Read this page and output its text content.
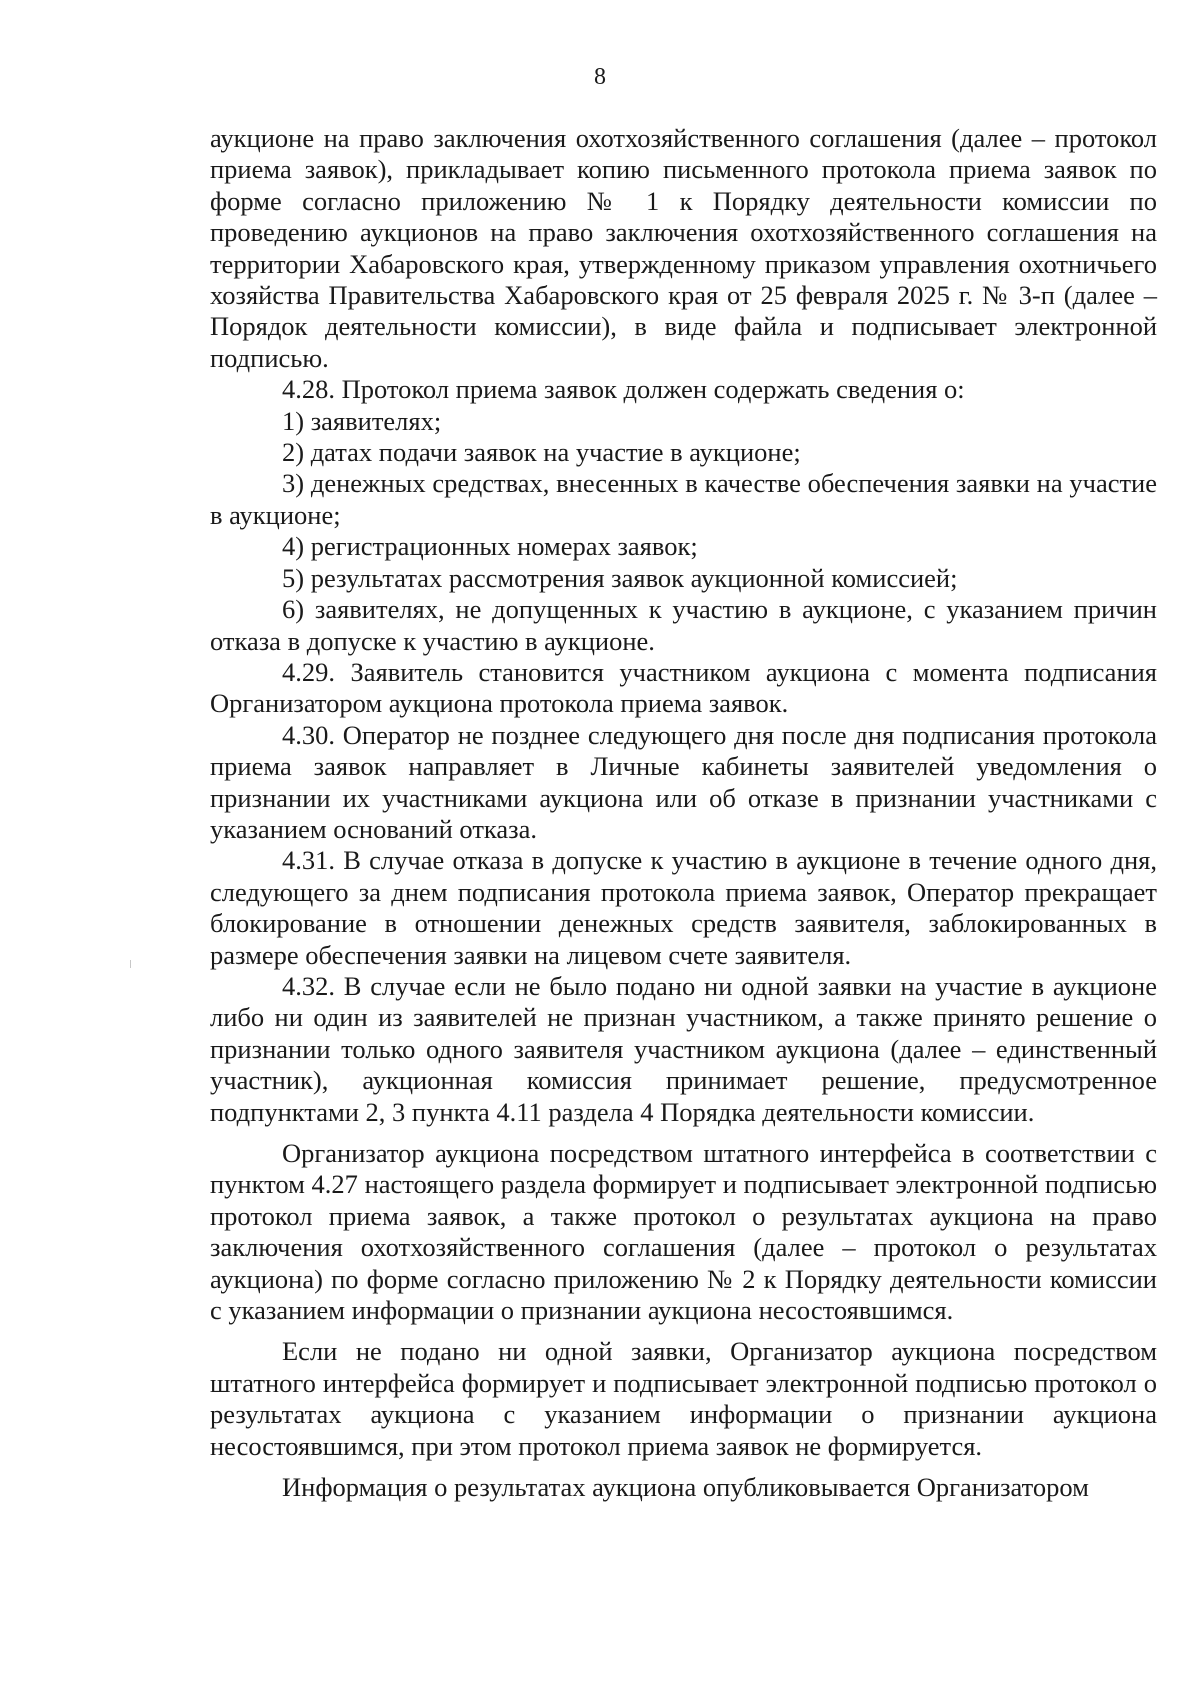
8

аукционе на право заключения охотхозяйственного соглашения (далее – протокол приема заявок), прикладывает копию письменного протокола приема заявок по форме согласно приложению № 1 к Порядку деятельности комиссии по проведению аукционов на право заключения охотхозяйственного соглашения на территории Хабаровского края, утвержденному приказом управления охотничьего хозяйства Правительства Хабаровского края от 25 февраля 2025 г. № 3-п (далее – Порядок деятельности комиссии), в виде файла и подписывает электронной подписью.

4.28. Протокол приема заявок должен содержать сведения о:

1) заявителях;

2) датах подачи заявок на участие в аукционе;

3) денежных средствах, внесенных в качестве обеспечения заявки на участие в аукционе;

4) регистрационных номерах заявок;

5) результатах рассмотрения заявок аукционной комиссией;

6) заявителях, не допущенных к участию в аукционе, с указанием причин отказа в допуске к участию в аукционе.

4.29. Заявитель становится участником аукциона с момента подписания Организатором аукциона протокола приема заявок.

4.30. Оператор не позднее следующего дня после дня подписания протокола приема заявок направляет в Личные кабинеты заявителей уведомления о признании их участниками аукциона или об отказе в признании участниками с указанием оснований отказа.

4.31. В случае отказа в допуске к участию в аукционе в течение одного дня, следующего за днем подписания протокола приема заявок, Оператор прекращает блокирование в отношении денежных средств заявителя, заблокированных в размере обеспечения заявки на лицевом счете заявителя.

4.32. В случае если не было подано ни одной заявки на участие в аукционе либо ни один из заявителей не признан участником, а также принято решение о признании только одного заявителя участником аукциона (далее – единственный участник), аукционная комиссия принимает решение, предусмотренное подпунктами 2, 3 пункта 4.11 раздела 4 Порядка деятельности комиссии.

Организатор аукциона посредством штатного интерфейса в соответствии с пунктом 4.27 настоящего раздела формирует и подписывает электронной подписью протокол приема заявок, а также протокол о результатах аукциона на право заключения охотхозяйственного соглашения (далее – протокол о результатах аукциона) по форме согласно приложению № 2 к Порядку деятельности комиссии с указанием информации о признании аукциона несостоявшимся.

Если не подано ни одной заявки, Организатор аукциона посредством штатного интерфейса формирует и подписывает электронной подписью протокол о результатах аукциона с указанием информации о признании аукциона несостоявшимся, при этом протокол приема заявок не формируется.

Информация о результатах аукциона опубликовывается Организатором
